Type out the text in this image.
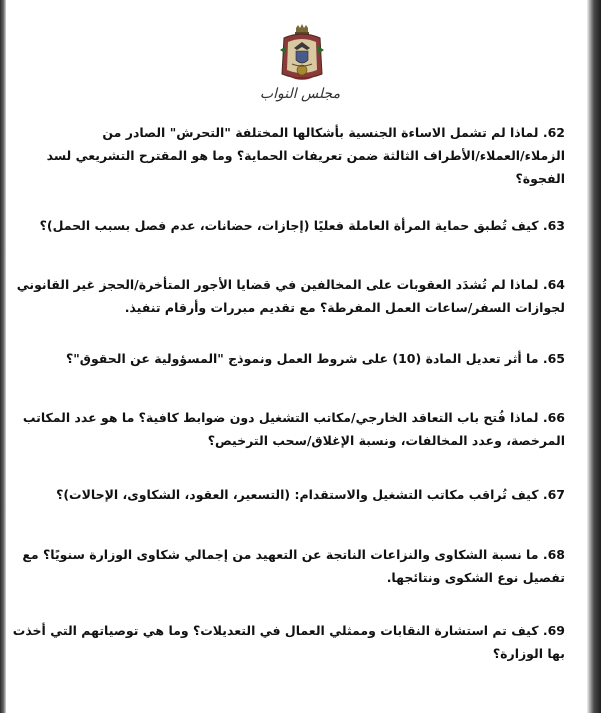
مجلس النواب
62. لماذا لم تشمل الاساءة الجنسية بأشكالها المختلفة "التحرش" الصادر من
الزملاء/العملاء/الأطراف الثالثة ضمن تعريفات الحماية؟ وما هو المقترح التشريعي لسد
الفجوة؟
63. كيف تُطبق حماية المرأة العاملة فعليًا (إجازات، حضانات، عدم فصل بسبب الحمل)؟
64. لماذا لم تُشدَد العقوبات على المخالفين في قضايا الأجور المتأخرة/الحجز غير القانوني
لجوازات السفر/ساعات العمل المفرطة؟ مع تقديم مبررات وأرقام تنفيذ.
65. ما أثر تعديل المادة (10) على شروط العمل ونموذج "المسؤولية عن الحقوق"؟
66. لماذا فُتح باب التعاقد الخارجي/مكاتب التشغيل دون ضوابط كافية؟ ما هو عدد المكاتب
المرخصة، وعدد المخالفات، ونسبة الإغلاق/سحب الترخيص؟
67. كيف تُراقب مكاتب التشغيل والاستقدام: (التسعير، العقود، الشكاوى، الإحالات)؟
68. ما نسبة الشكاوى والنزاعات الناتجة عن التعهيد من إجمالي شكاوى الوزارة سنويًا؟ مع
تفصيل نوع الشكوى ونتائجها.
69. كيف تم استشارة النقابات وممثلي العمال في التعديلات؟ وما هي توصياتهم التي أخذت
بها الوزارة؟
